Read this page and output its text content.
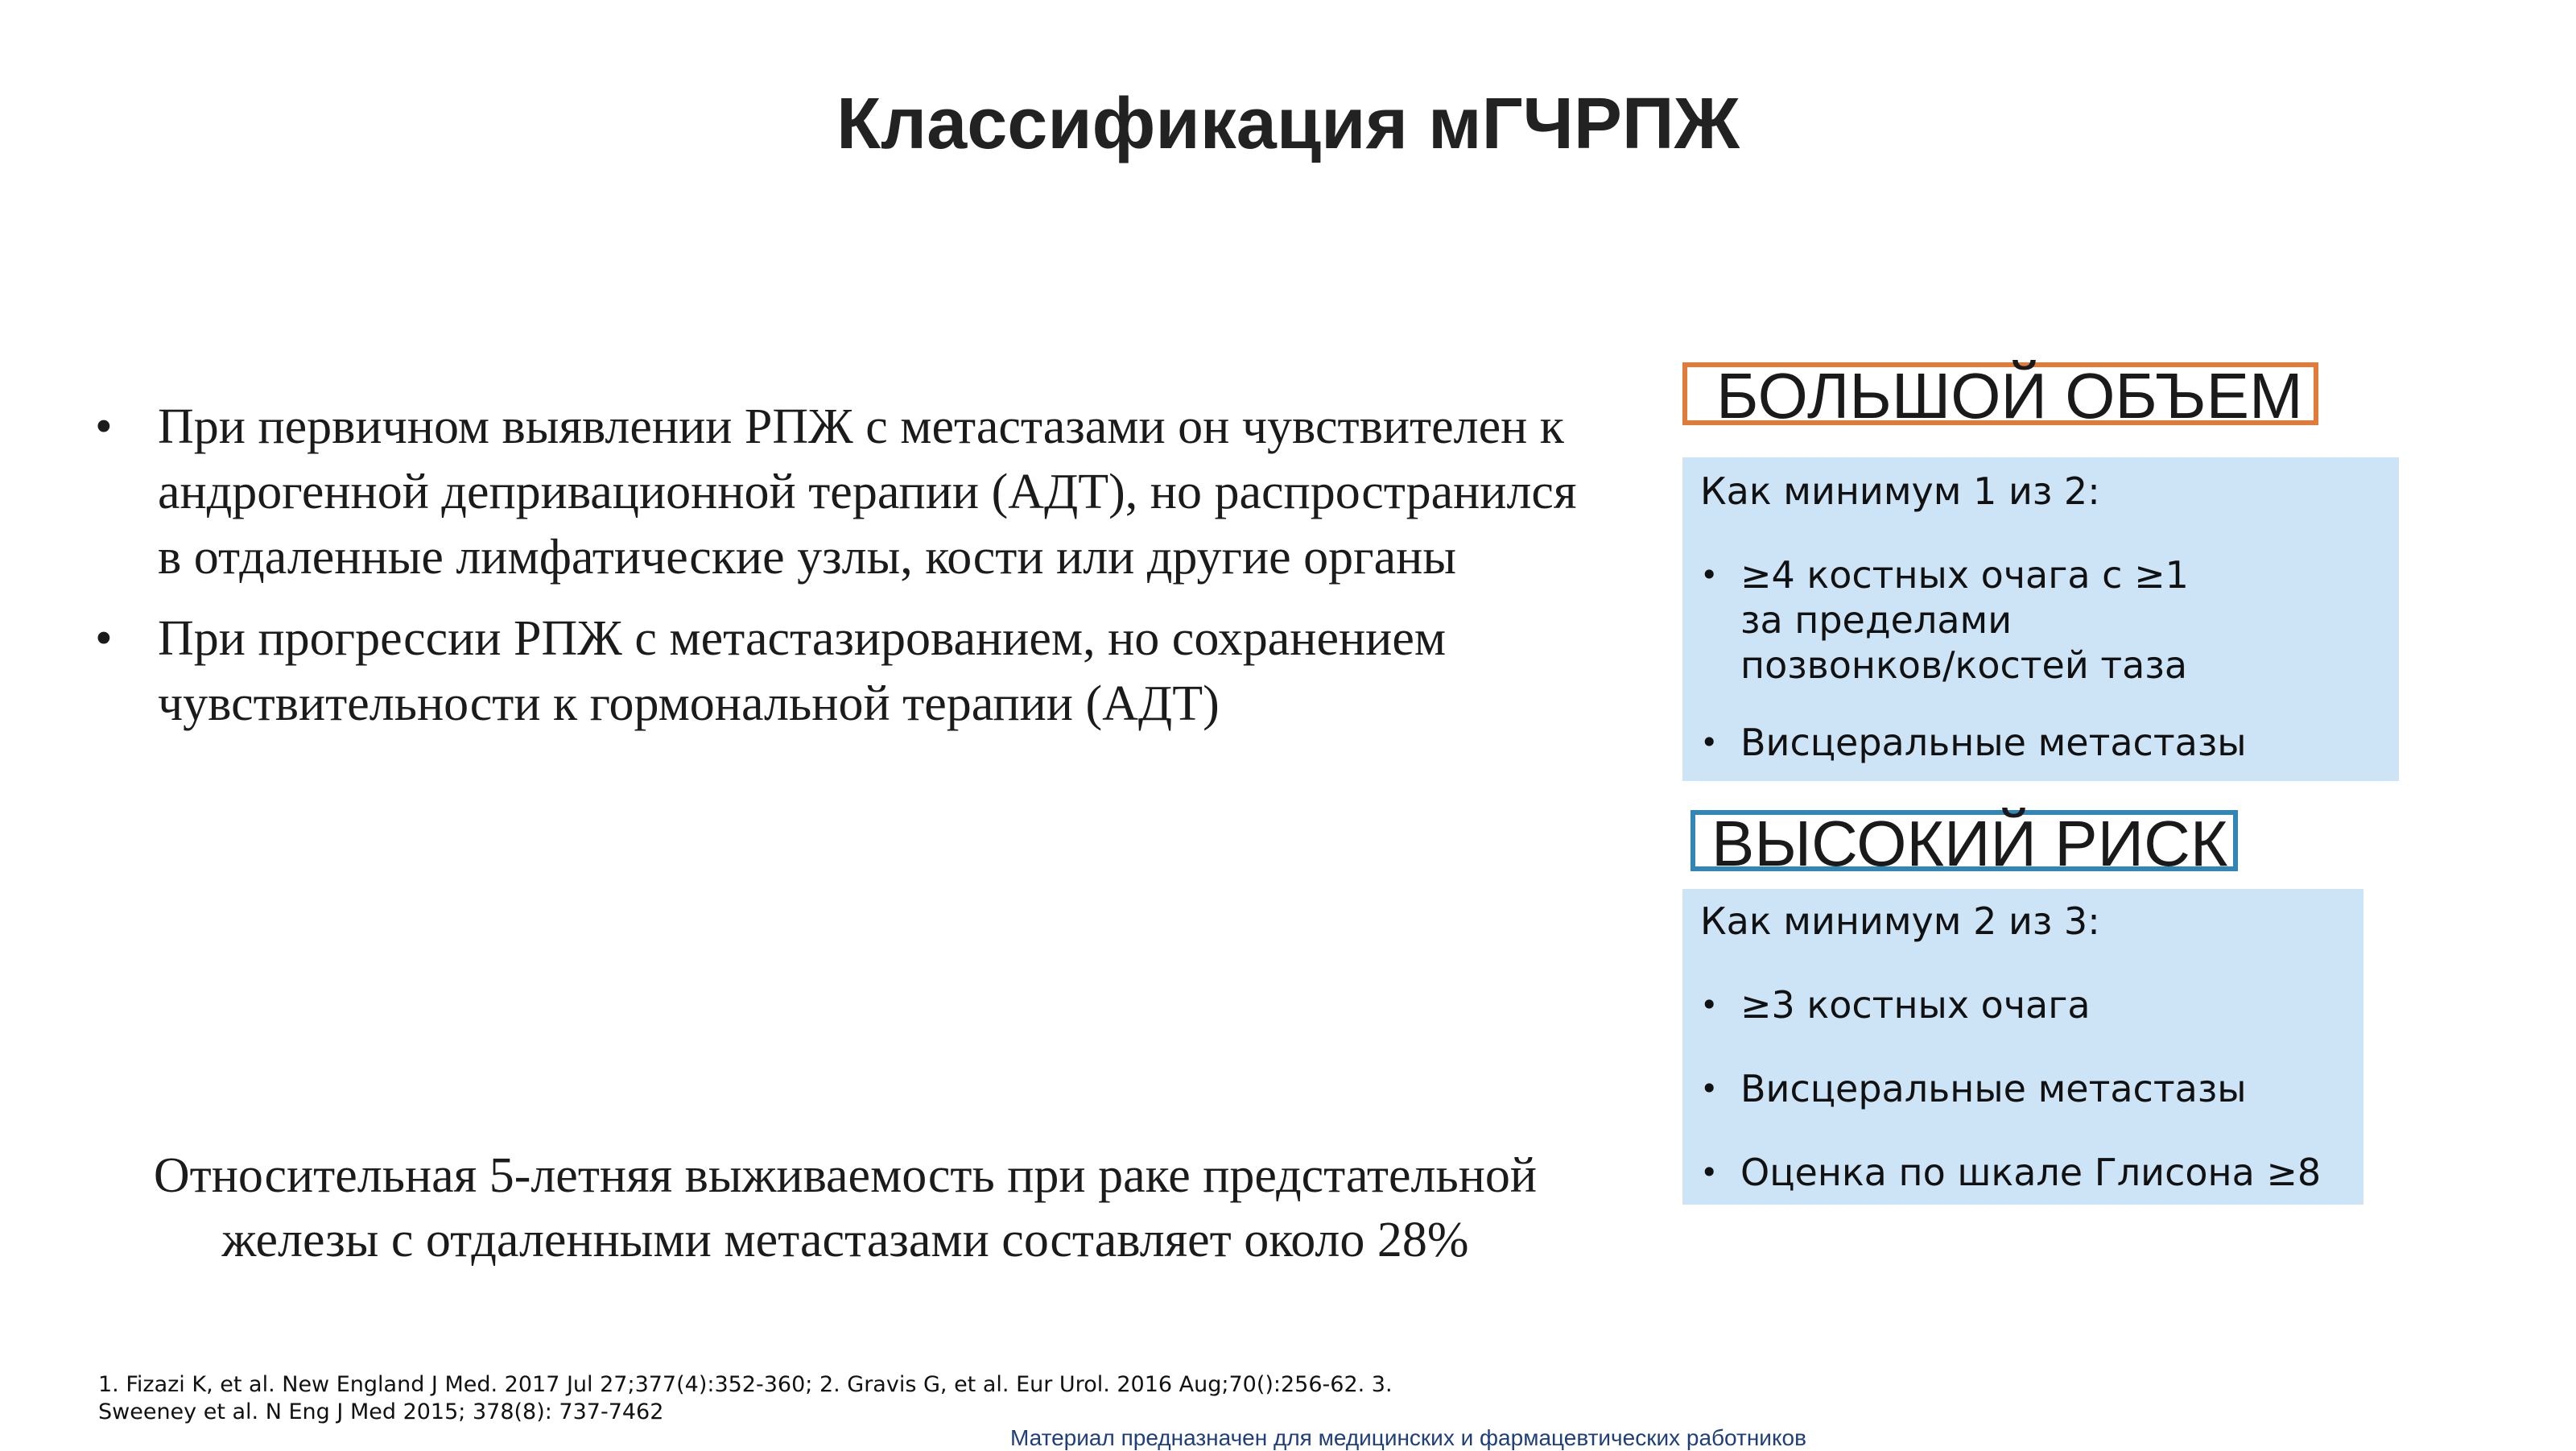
Классификация мГЧРПЖ
• При первичном выявлении РПЖ с метастазами он чувствителен к андрогенной депривационной терапии (АДТ), но распространился в отдаленные лимфатические узлы, кости или другие органы
• При прогрессии РПЖ с метастазированием, но сохранением чувствительности к гормональной терапии (АДТ)
Относительная 5-летняя выживаемость при раке предстательной железы с отдаленными метастазами составляет около 28%
БОЛЬШОЙ ОБЪЕМ
Как минимум 1 из 2:
• ≥4 костных очага с ≥1 за пределами позвонков/костей таза
• Висцеральные метастазы
ВЫСОКИЙ РИСК
Как минимум 2 из 3:
• ≥3 костных очага
• Висцеральные метастазы
• Оценка по шкале Глисона ≥8
1. Fizazi K, et al. New England J Med. 2017 Jul 27;377(4):352-360; 2. Gravis G, et al. Eur Urol. 2016 Aug;70():256-62. 3. Sweeney et al. N Eng J Med 2015; 378(8): 737-7462
Материал предназначен для медицинских и фармацевтических работников
